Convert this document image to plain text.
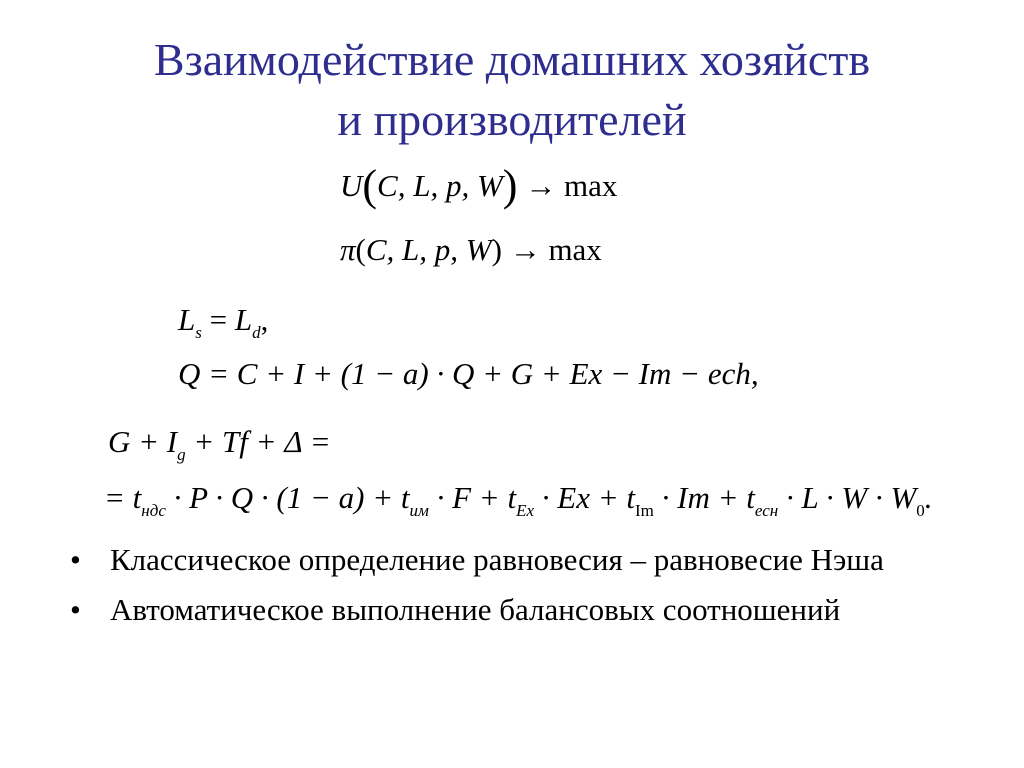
Взаимодействие домашних хозяйств
и производителей
U(C, L, p, W) → max
π(C, L, p, W) → max
$L_s = L_d$,
Q = C + I + (1 − a) · Q + G + Ex − Im − ech,
$G + I_g + Tf + \Delta$ =
= $t_{ндс} \cdot P \cdot Q \cdot (1 - a) + t_{им} \cdot F + t_{Ex} \cdot Ex + t_{Im} \cdot Im + t_{есн} \cdot L \cdot W \cdot W_0$.
• Классическое определение равновесия – равновесие Нэша
• Автоматическое выполнение балансовых соотношений
